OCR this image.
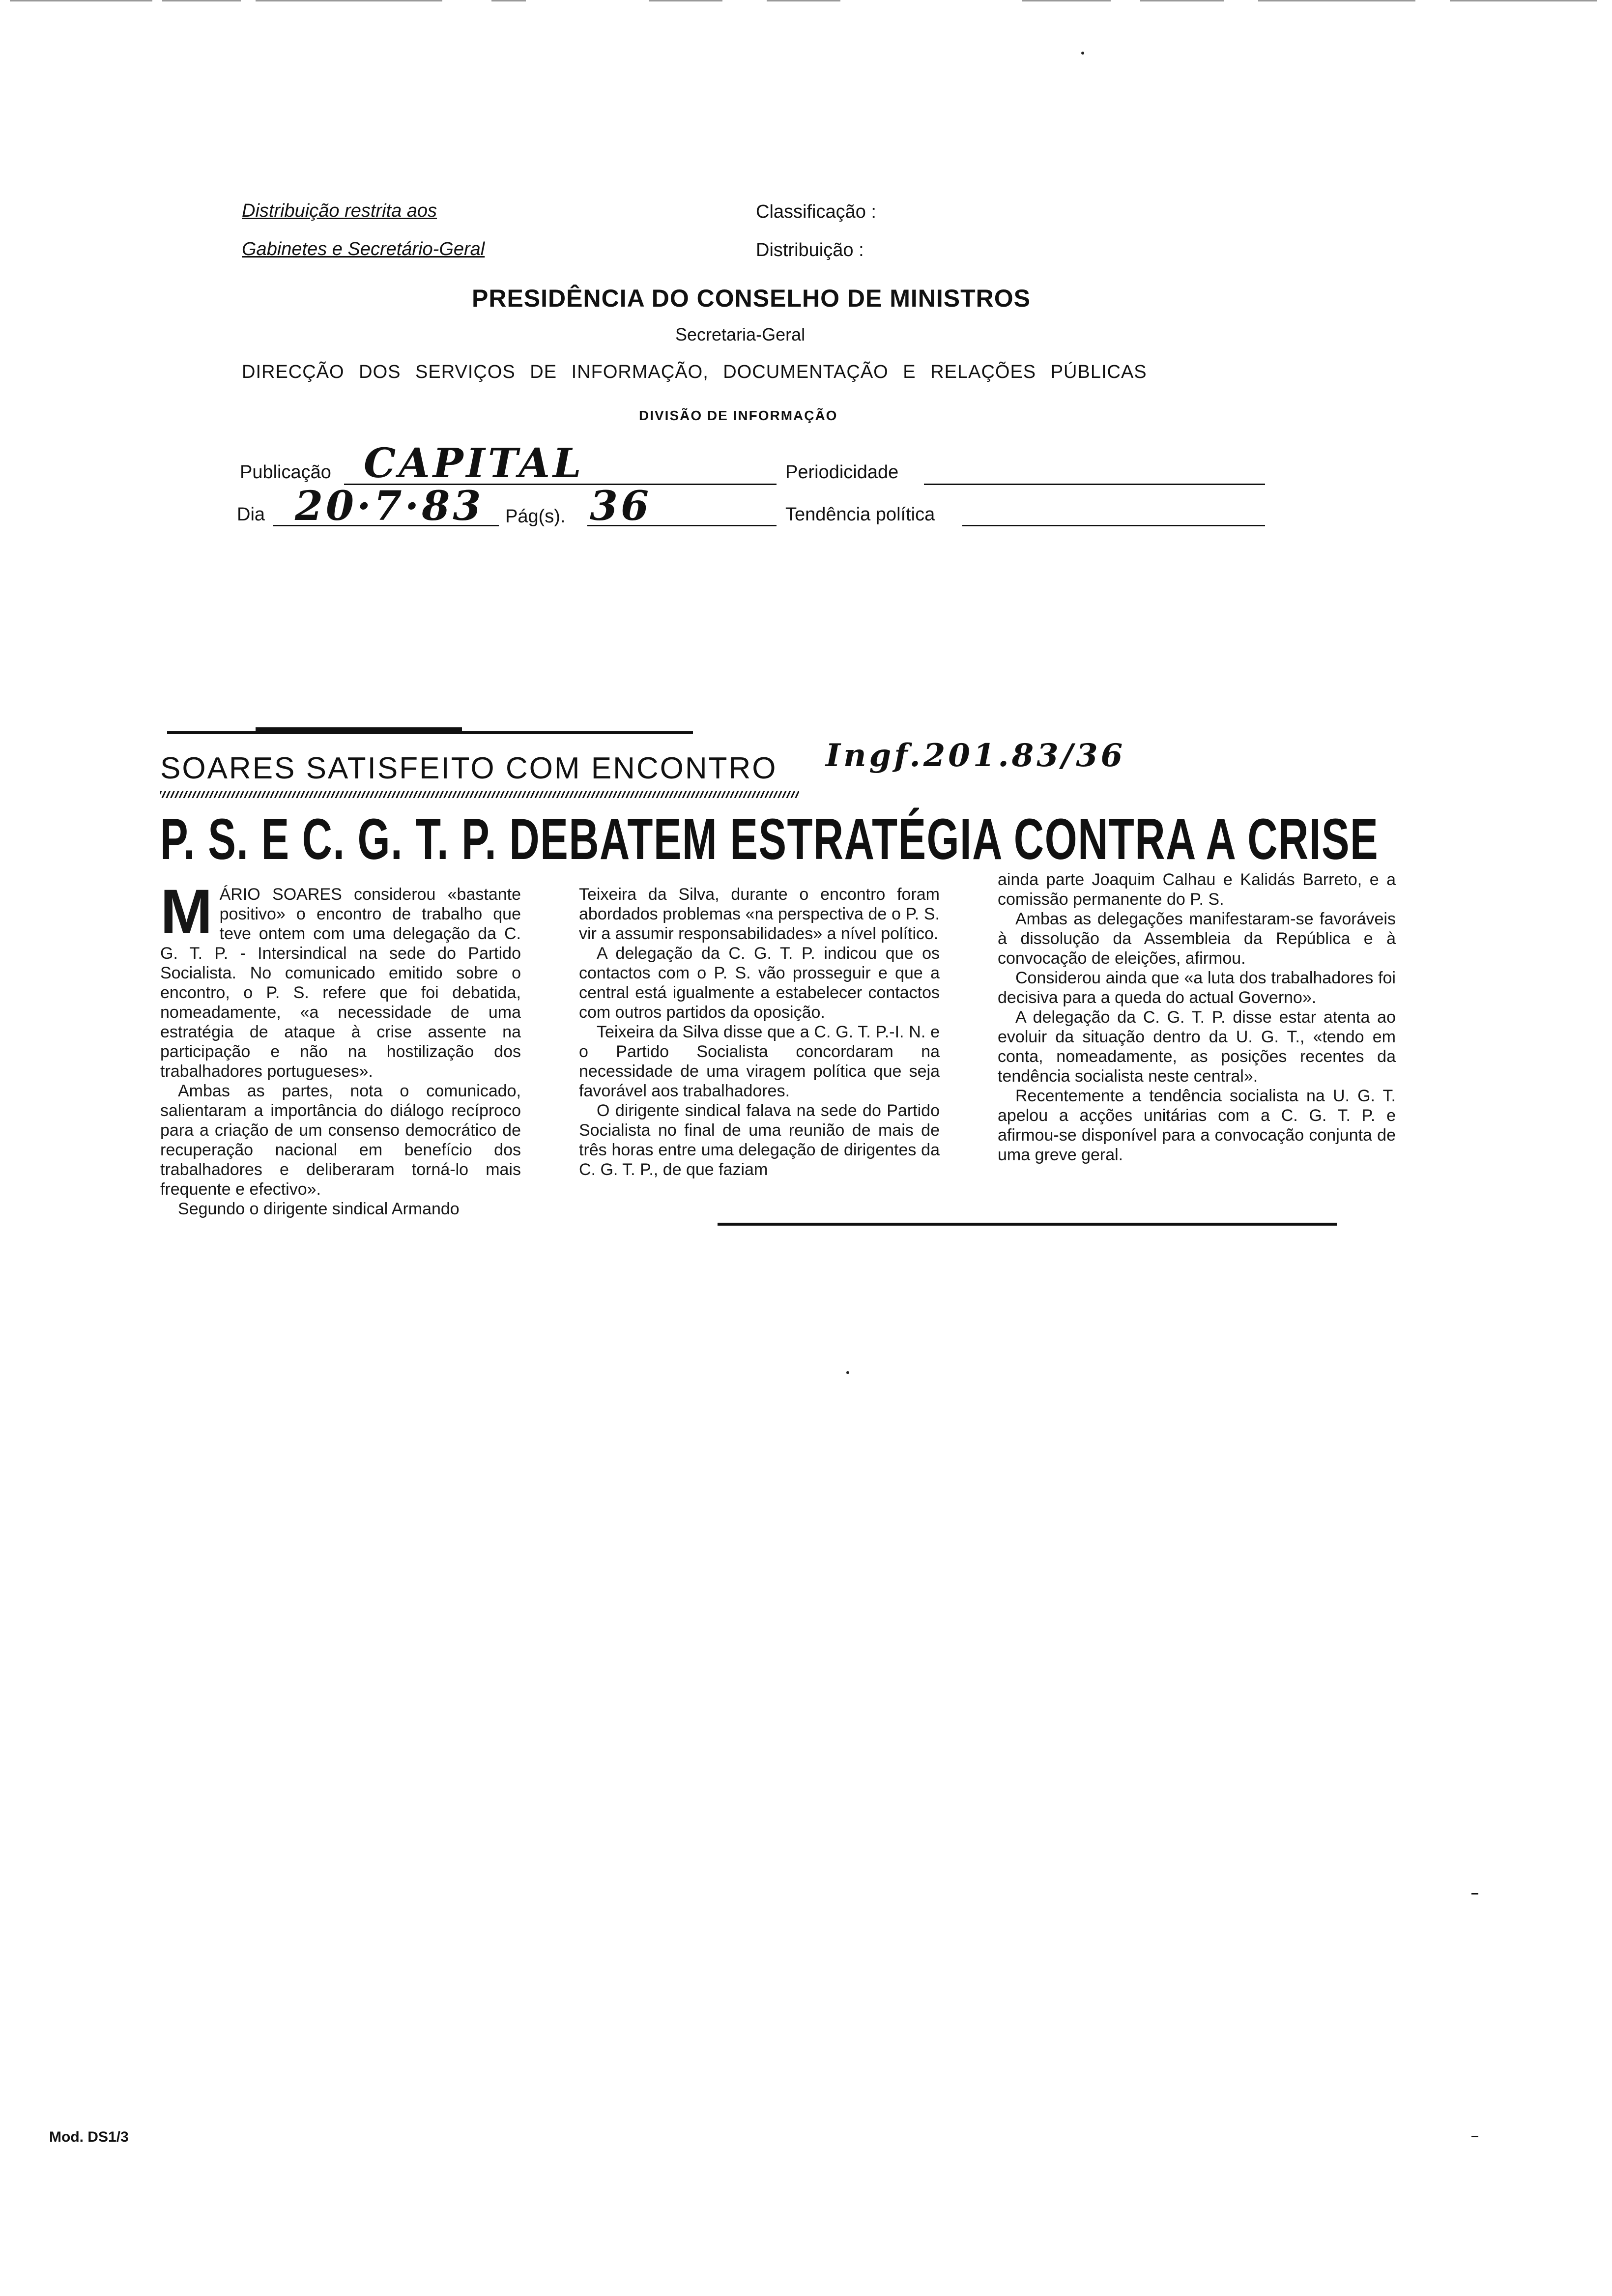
Distribuição restrita aos
Gabinetes e Secretário-Geral
Classificação :
Distribuição :
PRESIDÊNCIA DO CONSELHO DE MINISTROS
Secretaria-Geral
DIRECÇÃO DOS SERVIÇOS DE INFORMAÇÃO, DOCUMENTAÇÃO E RELAÇÕES PÚBLICAS
DIVISÃO DE INFORMAÇÃO
Publicação CAPITAL	Periodicidade
Dia 20·7·83 Pág(s). 36	Tendência política
SOARES SATISFEITO COM ENCONTRO Ingf.201.83/36
P. S. E C. G. T. P. DEBATEM ESTRATÉGIA CONTRA A CRISE

MÁRIO SOARES considerou «bastante positivo» o encontro de trabalho que teve ontem com uma delegação da C. G. T. P. - Intersindical na sede do Partido Socialista. No comunicado emitido sobre o encontro, o P. S. refere que foi debatida, nomeadamente, «a necessidade de uma estratégia de ataque à crise assente na participação e não na hostilização dos trabalhadores portugueses».

Ambas as partes, nota o comunicado, salientaram a importância do diálogo recíproco para a criação de um consenso democrático de recuperação nacional em benefício dos trabalhadores e deliberaram torná-lo mais frequente e efectivo».

Segundo o dirigente sindical Armando

Teixeira da Silva, durante o encontro foram abordados problemas «na perspectiva de o P. S. vir a assumir responsabilidades» a nível político.

A delegação da C. G. T. P. indicou que os contactos com o P. S. vão prosseguir e que a central está igualmente a estabelecer contactos com outros partidos da oposição.

Teixeira da Silva disse que a C. G. T. P.-I. N. e o Partido Socialista concordaram na necessidade de uma viragem política que seja favorável aos trabalhadores.

O dirigente sindical falava na sede do Partido Socialista no final de uma reunião de mais de três horas entre uma delegação de dirigentes da C. G. T. P., de que faziam

ainda parte Joaquim Calhau e Kalidás Barreto, e a comissão permanente do P. S.

Ambas as delegações manifestaram-se favoráveis à dissolução da Assembleia da República e à convocação de eleições, afirmou.

Considerou ainda que «a luta dos trabalhadores foi decisiva para a queda do actual Governo».

A delegação da C. G. T. P. disse estar atenta ao evoluir da situação dentro da U. G. T., «tendo em conta, nomeadamente, as posições recentes da tendência socialista neste central».

Recentemente a tendência socialista na U. G. T. apelou a acções unitárias com a C. G. T. P. e afirmou-se disponível para a convocação conjunta de uma greve geral.

Mod. DS1/3
